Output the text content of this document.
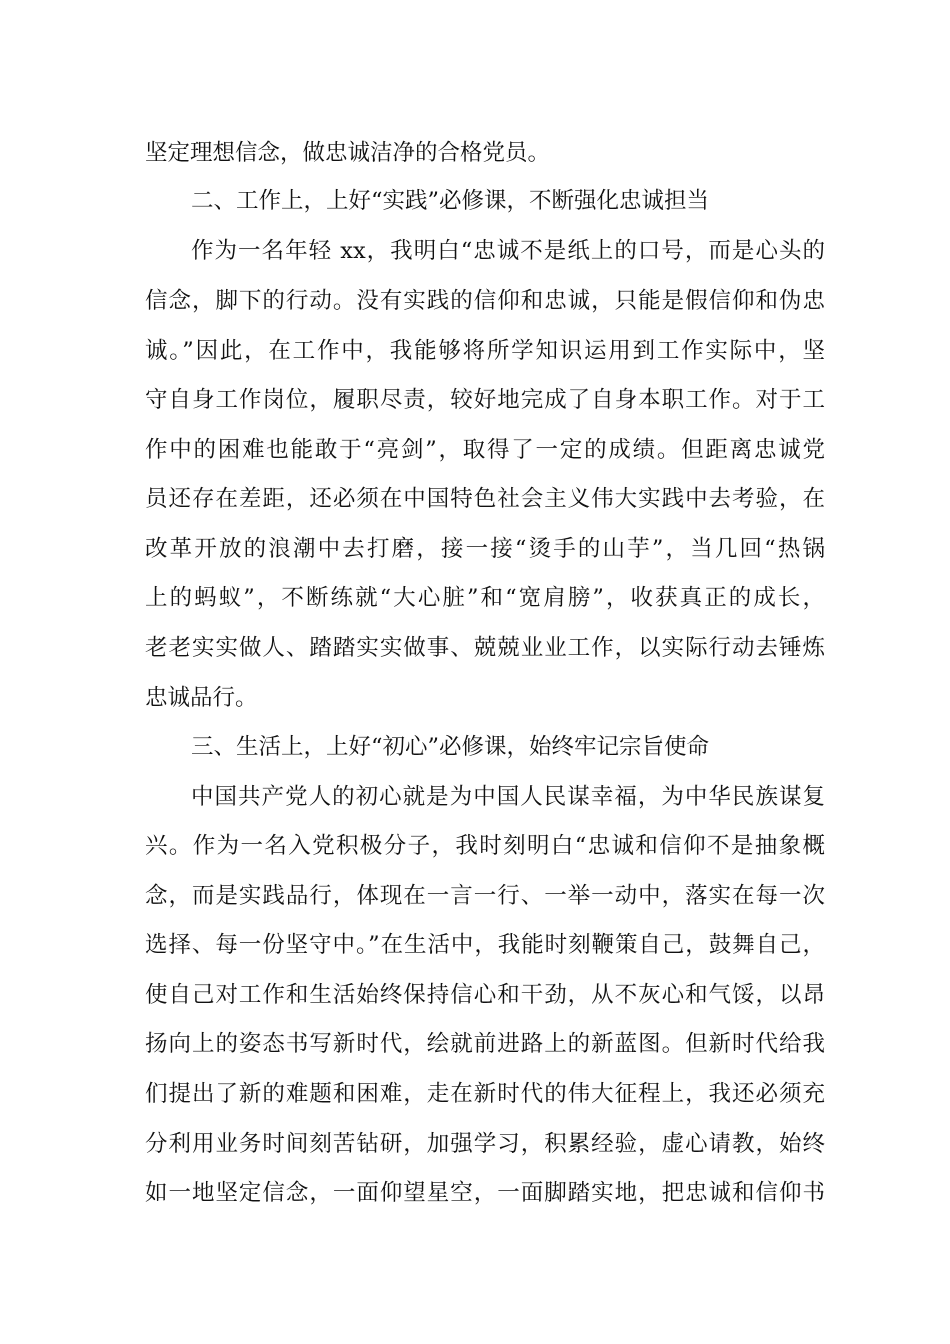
坚定理想信念，做忠诚洁净的合格党员。
二、工作上，上好“实践”必修课，不断强化忠诚担当
作为一名年轻 xx，我明白“忠诚不是纸上的口号，而是心头的
信念，脚下的行动。没有实践的信仰和忠诚，只能是假信仰和伪忠
诚。”因此，在工作中，我能够将所学知识运用到工作实际中，坚
守自身工作岗位，履职尽责，较好地完成了自身本职工作。对于工
作中的困难也能敢于“亮剑”，取得了一定的成绩。但距离忠诚党
员还存在差距，还必须在中国特色社会主义伟大实践中去考验，在
改革开放的浪潮中去打磨，接一接“烫手的山芋”，当几回“热锅
上的蚂蚁”，不断练就“大心脏”和“宽肩膀”，收获真正的成长，
老老实实做人、踏踏实实做事、兢兢业业工作，以实际行动去锤炼
忠诚品行。
三、生活上，上好“初心”必修课，始终牢记宗旨使命
中国共产党人的初心就是为中国人民谋幸福，为中华民族谋复
兴。作为一名入党积极分子，我时刻明白“忠诚和信仰不是抽象概
念，而是实践品行，体现在一言一行、一举一动中，落实在每一次
选择、每一份坚守中。”在生活中，我能时刻鞭策自己，鼓舞自己，
使自己对工作和生活始终保持信心和干劲，从不灰心和气馁，以昂
扬向上的姿态书写新时代，绘就前进路上的新蓝图。但新时代给我
们提出了新的难题和困难，走在新时代的伟大征程上，我还必须充
分利用业务时间刻苦钻研，加强学习，积累经验，虚心请教，始终
如一地坚定信念，一面仰望星空，一面脚踏实地，把忠诚和信仰书
